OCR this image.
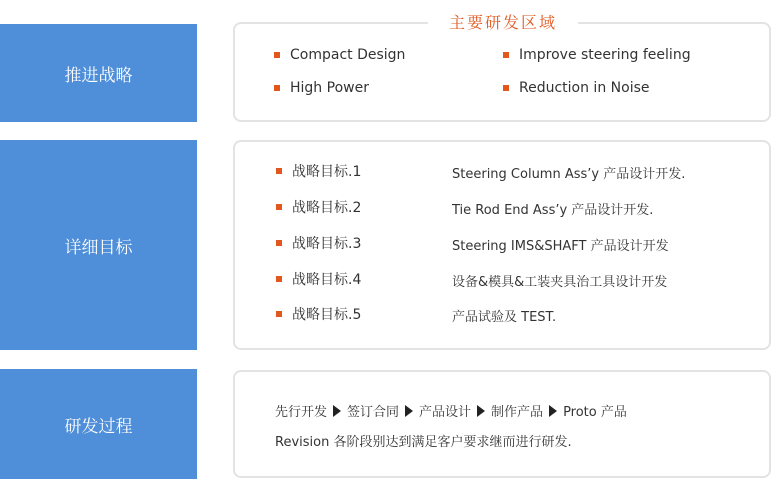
推进战略
详细目标
研发过程
主要研发区域
Compact Design	Improve steering feeling
High Power	Reduction in Noise
战略目标.1	Steering Column Ass’y 产品设计开发.
战略目标.2	Tie Rod End Ass’y 产品设计开发.
战略目标.3	Steering IMS&SHAFT 产品设计开发
战略目标.4	设备&模具&工装夹具治工具设计开发
战略目标.5	产品试验及 TEST.
先行开发 签订合同 产品设计 制作产品 Proto 产品
Revision 各阶段别达到满足客户要求继而进行研发.
